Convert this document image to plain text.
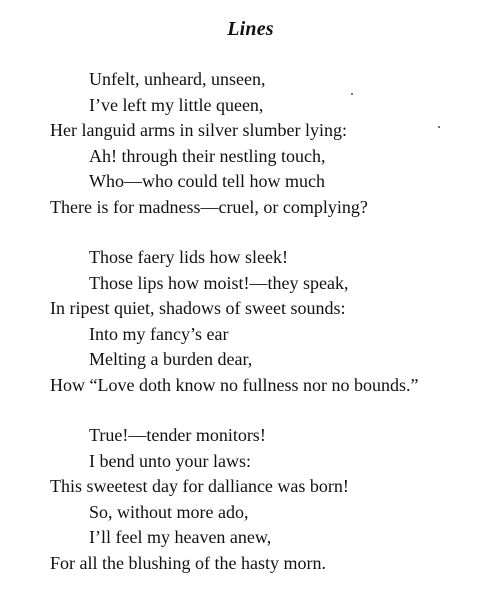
Lines
Unfelt, unheard, unseen,
I’ve left my little queen,
Her languid arms in silver slumber lying:
Ah! through their nestling touch,
Who—who could tell how much
There is for madness—cruel, or complying?
Those faery lids how sleek!
Those lips how moist!—they speak,
In ripest quiet, shadows of sweet sounds:
Into my fancy’s ear
Melting a burden dear,
How “Love doth know no fullness nor no bounds.”
True!—tender monitors!
I bend unto your laws:
This sweetest day for dalliance was born!
So, without more ado,
I’ll feel my heaven anew,
For all the blushing of the hasty morn.
